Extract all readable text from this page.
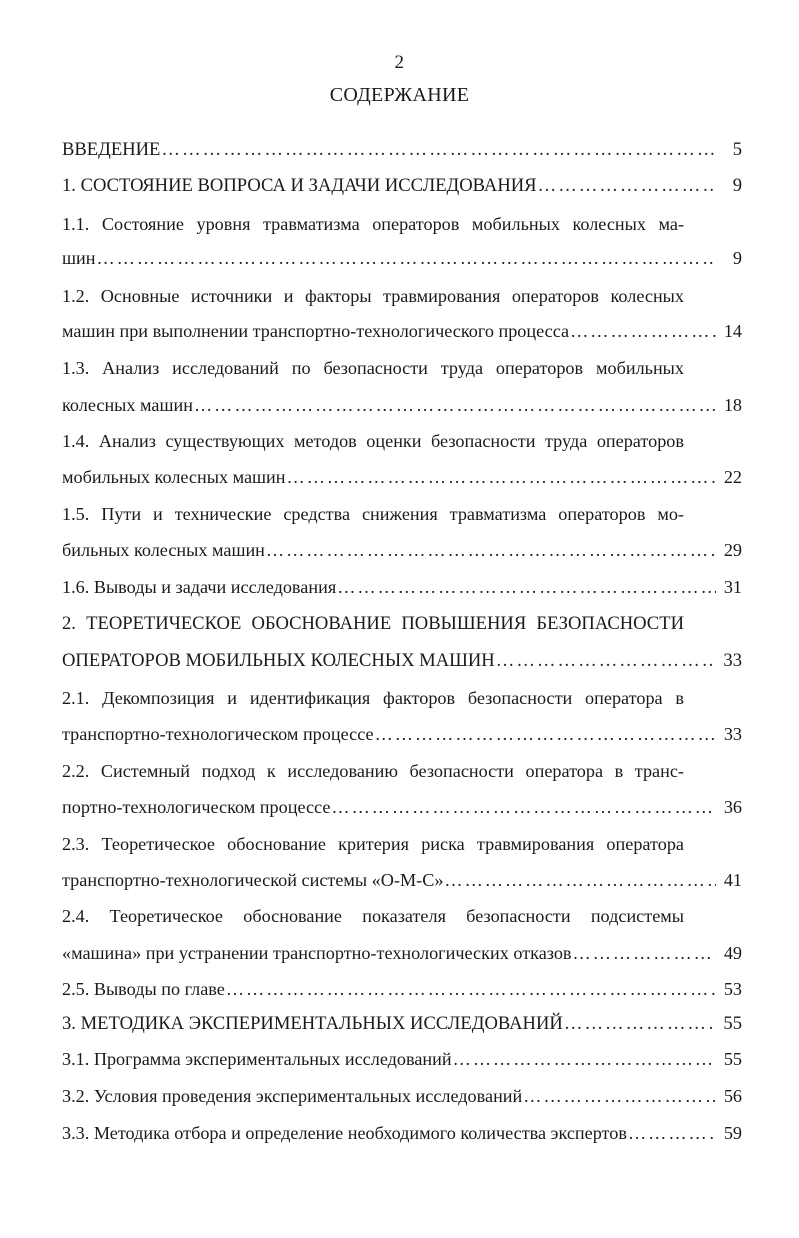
2
СОДЕРЖАНИЕ
ВВЕДЕНИЕ ……………………………………………………………………………………………………………………………………………………………………………………	5
1. СОСТОЯНИЕ ВОПРОСА И ЗАДАЧИ ИССЛЕДОВАНИЯ ……………………………………………………………………………………………………………………………………………………………………………………	9
1.1. Состояние уровня травматизма операторов мобильных колесных ма-
шин ……………………………………………………………………………………………………………………………………………………………………………………	9
1.2. Основные источники и факторы травмирования операторов колесных
машин при выполнении транспортно-технологического процесса ……………………………………………………………………………………………………………………………………………………………………………………	14
1.3. Анализ исследований по безопасности труда операторов мобильных
колесных машин ……………………………………………………………………………………………………………………………………………………………………………………	18
1.4. Анализ существующих методов оценки безопасности труда операторов
мобильных колесных машин ……………………………………………………………………………………………………………………………………………………………………………………	22
1.5. Пути и технические средства снижения травматизма операторов мо-
бильных колесных машин ……………………………………………………………………………………………………………………………………………………………………………………	29
1.6. Выводы и задачи исследования ……………………………………………………………………………………………………………………………………………………………………………………	31
2. ТЕОРЕТИЧЕСКОЕ ОБОСНОВАНИЕ ПОВЫШЕНИЯ БЕЗОПАСНОСТИ
ОПЕРАТОРОВ МОБИЛЬНЫХ КОЛЕСНЫХ МАШИН ……………………………………………………………………………………………………………………………………………………………………………………	33
2.1. Декомпозиция и идентификация факторов безопасности оператора в
транспортно-технологическом процессе ……………………………………………………………………………………………………………………………………………………………………………………	33
2.2. Системный подход к исследованию безопасности оператора в транс-
портно-технологическом процессе ……………………………………………………………………………………………………………………………………………………………………………………	36
2.3. Теоретическое обоснование критерия риска травмирования оператора
транспортно-технологической системы «О-М-С» ……………………………………………………………………………………………………………………………………………………………………………………	41
2.4. Теоретическое обоснование показателя безопасности подсистемы
«машина» при устранении транспортно-технологических отказов ……………………………………………………………………………………………………………………………………………………………………………………	49
2.5. Выводы по главе ……………………………………………………………………………………………………………………………………………………………………………………	53
3. МЕТОДИКА ЭКСПЕРИМЕНТАЛЬНЫХ ИССЛЕДОВАНИЙ ……………………………………………………………………………………………………………………………………………………………………………………	55
3.1. Программа экспериментальных исследований ……………………………………………………………………………………………………………………………………………………………………………………	55
3.2. Условия проведения экспериментальных исследований ……………………………………………………………………………………………………………………………………………………………………………………	56
3.3. Методика отбора и определение необходимого количества экспертов ……………………………………………………………………………………………………………………………………………………………………………………	59
